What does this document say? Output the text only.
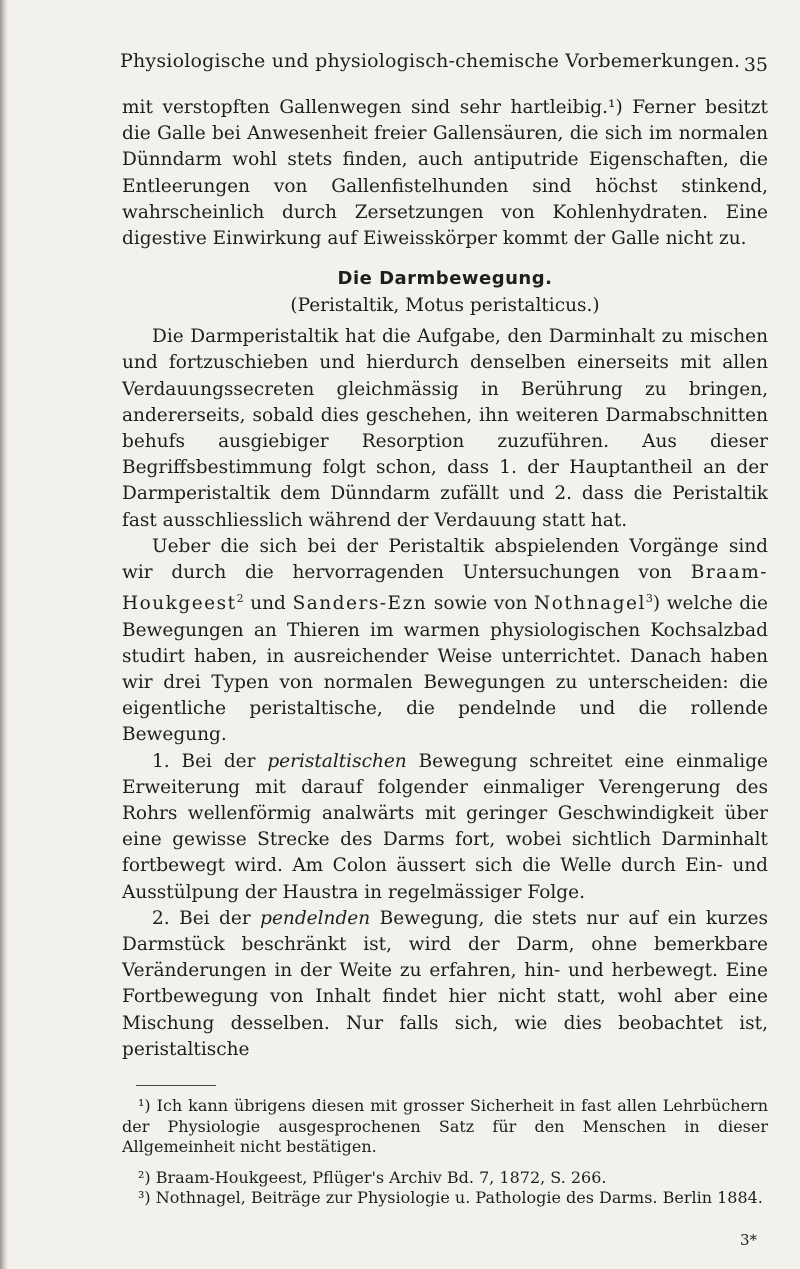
Physiologische und physiologisch-chemische Vorbemerkungen. 35

mit verstopften Gallenwegen sind sehr hartleibig.¹) Ferner besitzt die Galle bei Anwesenheit freier Gallensäuren, die sich im normalen Dünndarm wohl stets finden, auch antiputride Eigenschaften, die Entleerungen von Gallenfistelhunden sind höchst stinkend, wahrscheinlich durch Zersetzungen von Kohlenhydraten. Eine digestive Einwirkung auf Eiweisskörper kommt der Galle nicht zu.

Die Darmbewegung.
(Peristaltik, Motus peristalticus.)

Die Darmperistaltik hat die Aufgabe, den Darminhalt zu mischen und fortzuschieben und hierdurch denselben einerseits mit allen Verdauungssecreten gleichmässig in Berührung zu bringen, andererseits, sobald dies geschehen, ihn weiteren Darmabschnitten behufs ausgiebiger Resorption zuzuführen. Aus dieser Begriffsbestimmung folgt schon, dass 1. der Hauptantheil an der Darmperistaltik dem Dünndarm zufällt und 2. dass die Peristaltik fast ausschliesslich während der Verdauung statt hat.

Ueber die sich bei der Peristaltik abspielenden Vorgänge sind wir durch die hervorragenden Untersuchungen von Braam-Houkgeest$^2$ und Sanders-Ezn sowie von Nothnagel$^3$) welche die Bewegungen an Thieren im warmen physiologischen Kochsalzbad studirt haben, in ausreichender Weise unterrichtet. Danach haben wir drei Typen von normalen Bewegungen zu unterscheiden: die eigentliche peristaltische, die pendelnde und die rollende Bewegung.

1. Bei der peristaltischen Bewegung schreitet eine einmalige Erweiterung mit darauf folgender einmaliger Verengerung des Rohrs wellenförmig analwärts mit geringer Geschwindigkeit über eine gewisse Strecke des Darms fort, wobei sichtlich Darminhalt fortbewegt wird. Am Colon äussert sich die Welle durch Ein- und Ausstülpung der Haustra in regelmässiger Folge.

2. Bei der pendelnden Bewegung, die stets nur auf ein kurzes Darmstück beschränkt ist, wird der Darm, ohne bemerkbare Veränderungen in der Weite zu erfahren, hin- und herbewegt. Eine Fortbewegung von Inhalt findet hier nicht statt, wohl aber eine Mischung desselben. Nur falls sich, wie dies beobachtet ist, peristaltische

¹) Ich kann übrigens diesen mit grosser Sicherheit in fast allen Lehrbüchern der Physiologie ausgesprochenen Satz für den Menschen in dieser Allgemeinheit nicht bestätigen.

²) Braam-Houkgeest, Pflüger's Archiv Bd. 7, 1872, S. 266.

³) Nothnagel, Beiträge zur Physiologie u. Pathologie des Darms. Berlin 1884.

3*
